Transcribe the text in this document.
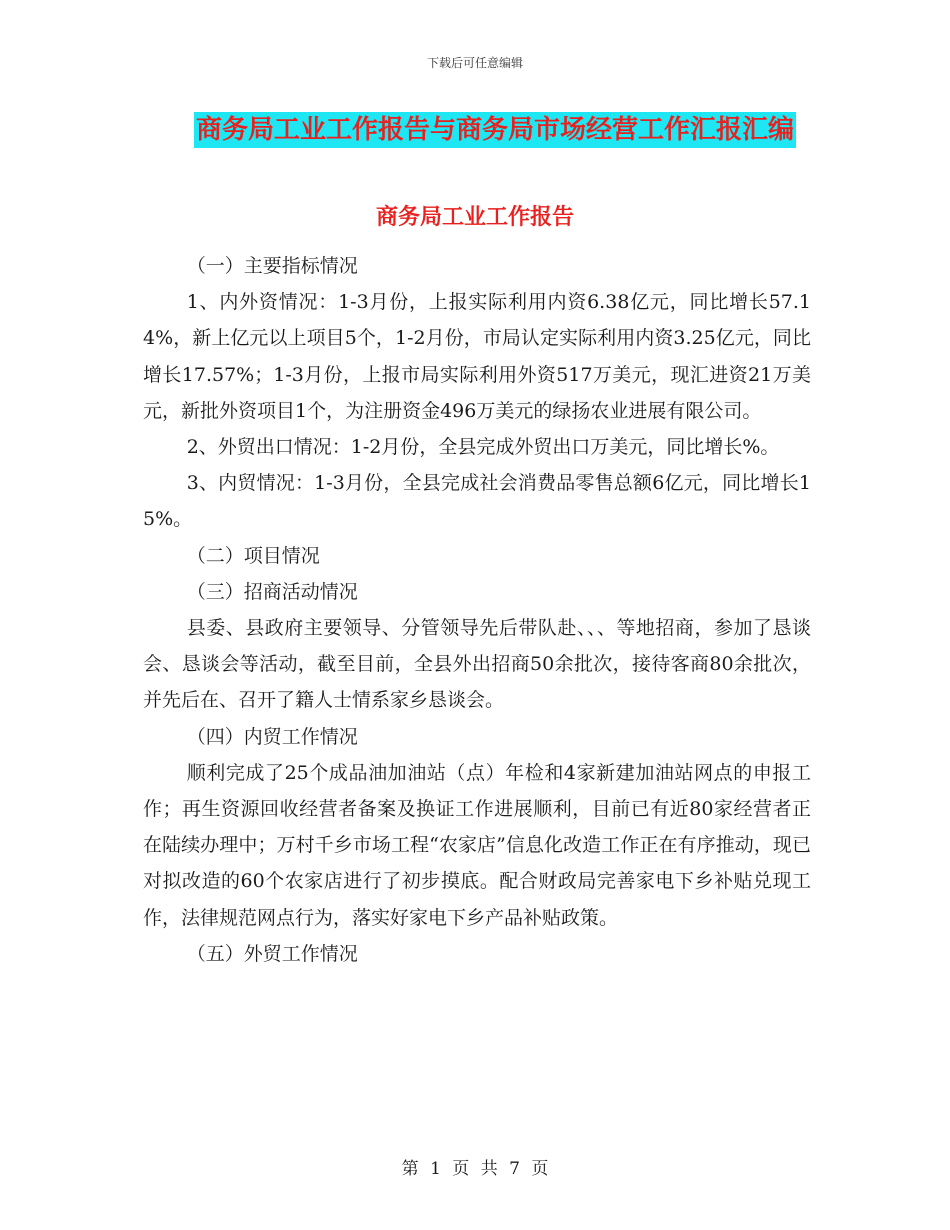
下载后可任意编辑
商务局工业工作报告与商务局市场经营工作汇报汇编
商务局工业工作报告

（一）主要指标情况

1、内外资情况：1-3月份，上报实际利用内资6.38亿元，同比增长57.14%，新上亿元以上项目5个，1-2月份，市局认定实际利用内资3.25亿元，同比增长17.57%；1-3月份，上报市局实际利用外资517万美元，现汇进资21万美元，新批外资项目1个，为注册资金496万美元的绿扬农业进展有限公司。

2、外贸出口情况：1-2月份，全县完成外贸出口万美元，同比增长%。

3、内贸情况：1-3月份，全县完成社会消费品零售总额6亿元，同比增长15%。

（二）项目情况

（三）招商活动情况

县委、县政府主要领导、分管领导先后带队赴、、、等地招商，参加了恳谈会、恳谈会等活动，截至目前，全县外出招商50余批次，接待客商80余批次，并先后在、召开了籍人士情系家乡恳谈会。

（四）内贸工作情况

顺利完成了25个成品油加油站（点）年检和4家新建加油站网点的申报工作；再生资源回收经营者备案及换证工作进展顺利，目前已有近80家经营者正在陆续办理中；万村千乡市场工程“农家店”信息化改造工作正在有序推动，现已对拟改造的60个农家店进行了初步摸底。配合财政局完善家电下乡补贴兑现工作，法律规范网点行为，落实好家电下乡产品补贴政策。

（五）外贸工作情况

第 1 页 共 7 页
